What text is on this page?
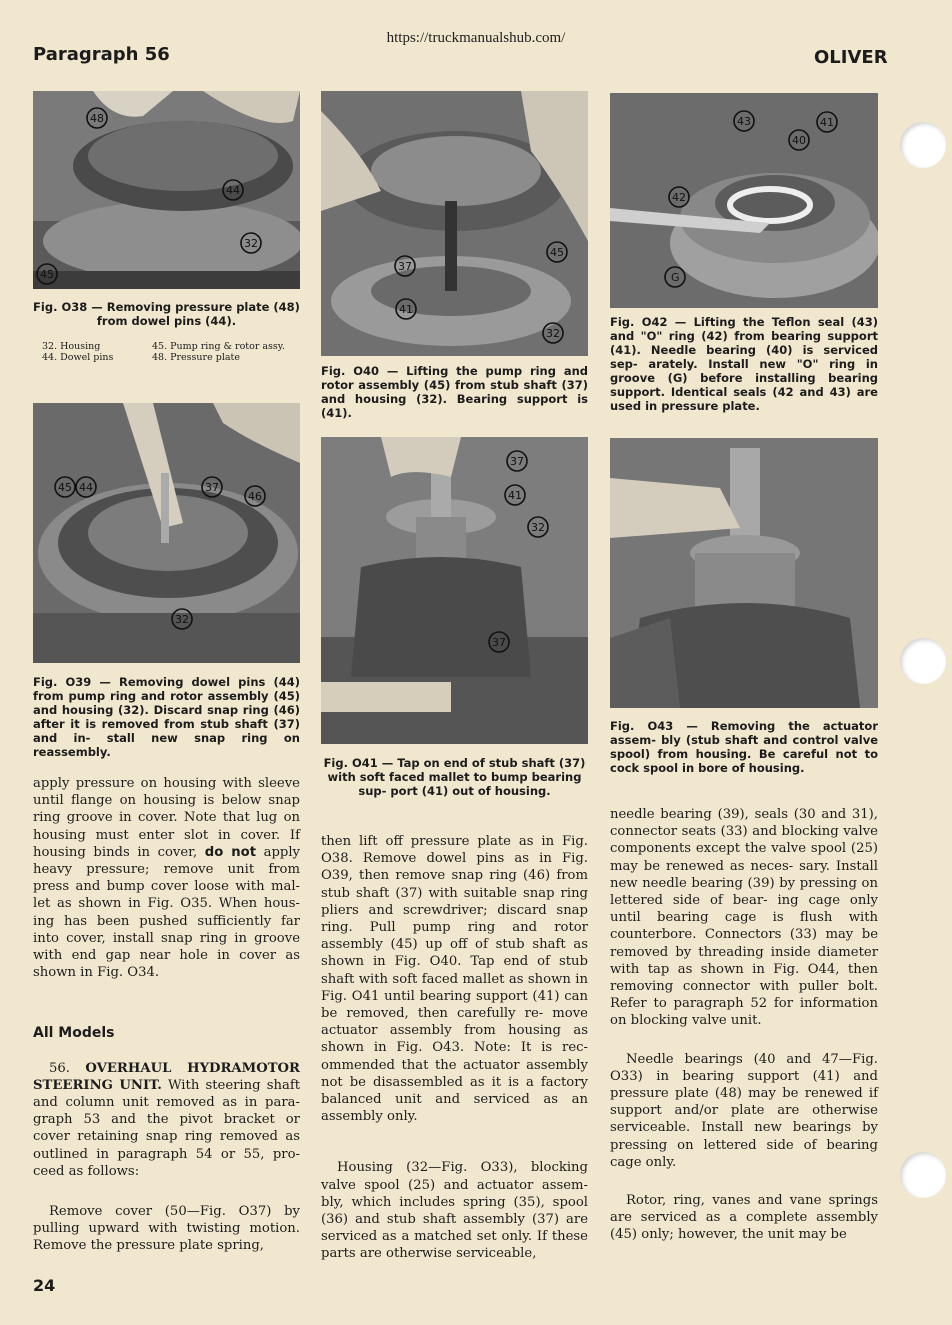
Paragraph 56
https://truckmanualshub.com/
OLIVER
48
44
32
45
Fig. O38 — Removing pressure plate (48) from dowel pins (44).
32. Housing	45. Pump ring & rotor assy.
44. Dowel pins	48. Pressure plate
45 44	37
46
32
Fig. O39 — Removing dowel pins (44) from pump ring and rotor assembly (45) and housing (32). Discard snap ring (46) after it is removed from stub shaft (37) and in- stall new snap ring on reassembly.

apply pressure on housing with sleeve until flange on housing is below snap ring groove in cover. Note that lug on housing must enter slot in cover. If housing binds in cover, do not apply heavy pressure; remove unit from press and bump cover loose with mal- let as shown in Fig. O35. When hous- ing has been pushed sufficiently far into cover, install snap ring in groove with end gap near hole in cover as shown in Fig. O34.

All Models

56. OVERHAUL HYDRAMOTOR STEERING UNIT. With steering shaft and column unit removed as in para- graph 53 and the pivot bracket or cover retaining snap ring removed as outlined in paragraph 54 or 55, pro- ceed as follows:

Remove cover (50—Fig. O37) by pulling upward with twisting motion. Remove the pressure plate spring,

45
37
41
32
Fig. O40 — Lifting the pump ring and rotor assembly (45) from stub shaft (37) and housing (32). Bearing support is (41).
37
41
32
37
Fig. O41 — Tap on end of stub shaft (37) with soft faced mallet to bump bearing sup- port (41) out of housing.

then lift off pressure plate as in Fig. O38. Remove dowel pins as in Fig. O39, then remove snap ring (46) from stub shaft (37) with suitable snap ring pliers and screwdriver; discard snap ring. Pull pump ring and rotor assembly (45) up off of stub shaft as shown in Fig. O40. Tap end of stub shaft with soft faced mallet as shown in Fig. O41 until bearing support (41) can be removed, then carefully re- move actuator assembly from housing as shown in Fig. O43. Note: It is rec- ommended that the actuator assembly not be disassembled as it is a factory balanced unit and serviced as an assembly only.

Housing (32—Fig. O33), blocking valve spool (25) and actuator assem- bly, which includes spring (35), spool (36) and stub shaft assembly (37) are serviced as a matched set only. If these parts are otherwise serviceable,

43	41
40
42
G
Fig. O42 — Lifting the Teflon seal (43) and "O" ring (42) from bearing support (41). Needle bearing (40) is serviced sep- arately. Install new "O" ring in groove (G) before installing bearing support. Identical seals (42 and 43) are used in pressure plate.
Fig. O43 — Removing the actuator assem- bly (stub shaft and control valve spool) from housing. Be careful not to cock spool in bore of housing.

needle bearing (39), seals (30 and 31), connector seats (33) and blocking valve components except the valve spool (25) may be renewed as neces- sary. Install new needle bearing (39) by pressing on lettered side of bear- ing cage only until bearing cage is flush with counterbore. Connectors (33) may be removed by threading inside diameter with tap as shown in Fig. O44, then removing connector with puller bolt. Refer to paragraph 52 for information on blocking valve unit.

Needle bearings (40 and 47—Fig. O33) in bearing support (41) and pressure plate (48) may be renewed if support and/or plate are otherwise serviceable. Install new bearings by pressing on lettered side of bearing cage only.

Rotor, ring, vanes and vane springs are serviced as a complete assembly (45) only; however, the unit may be

24
